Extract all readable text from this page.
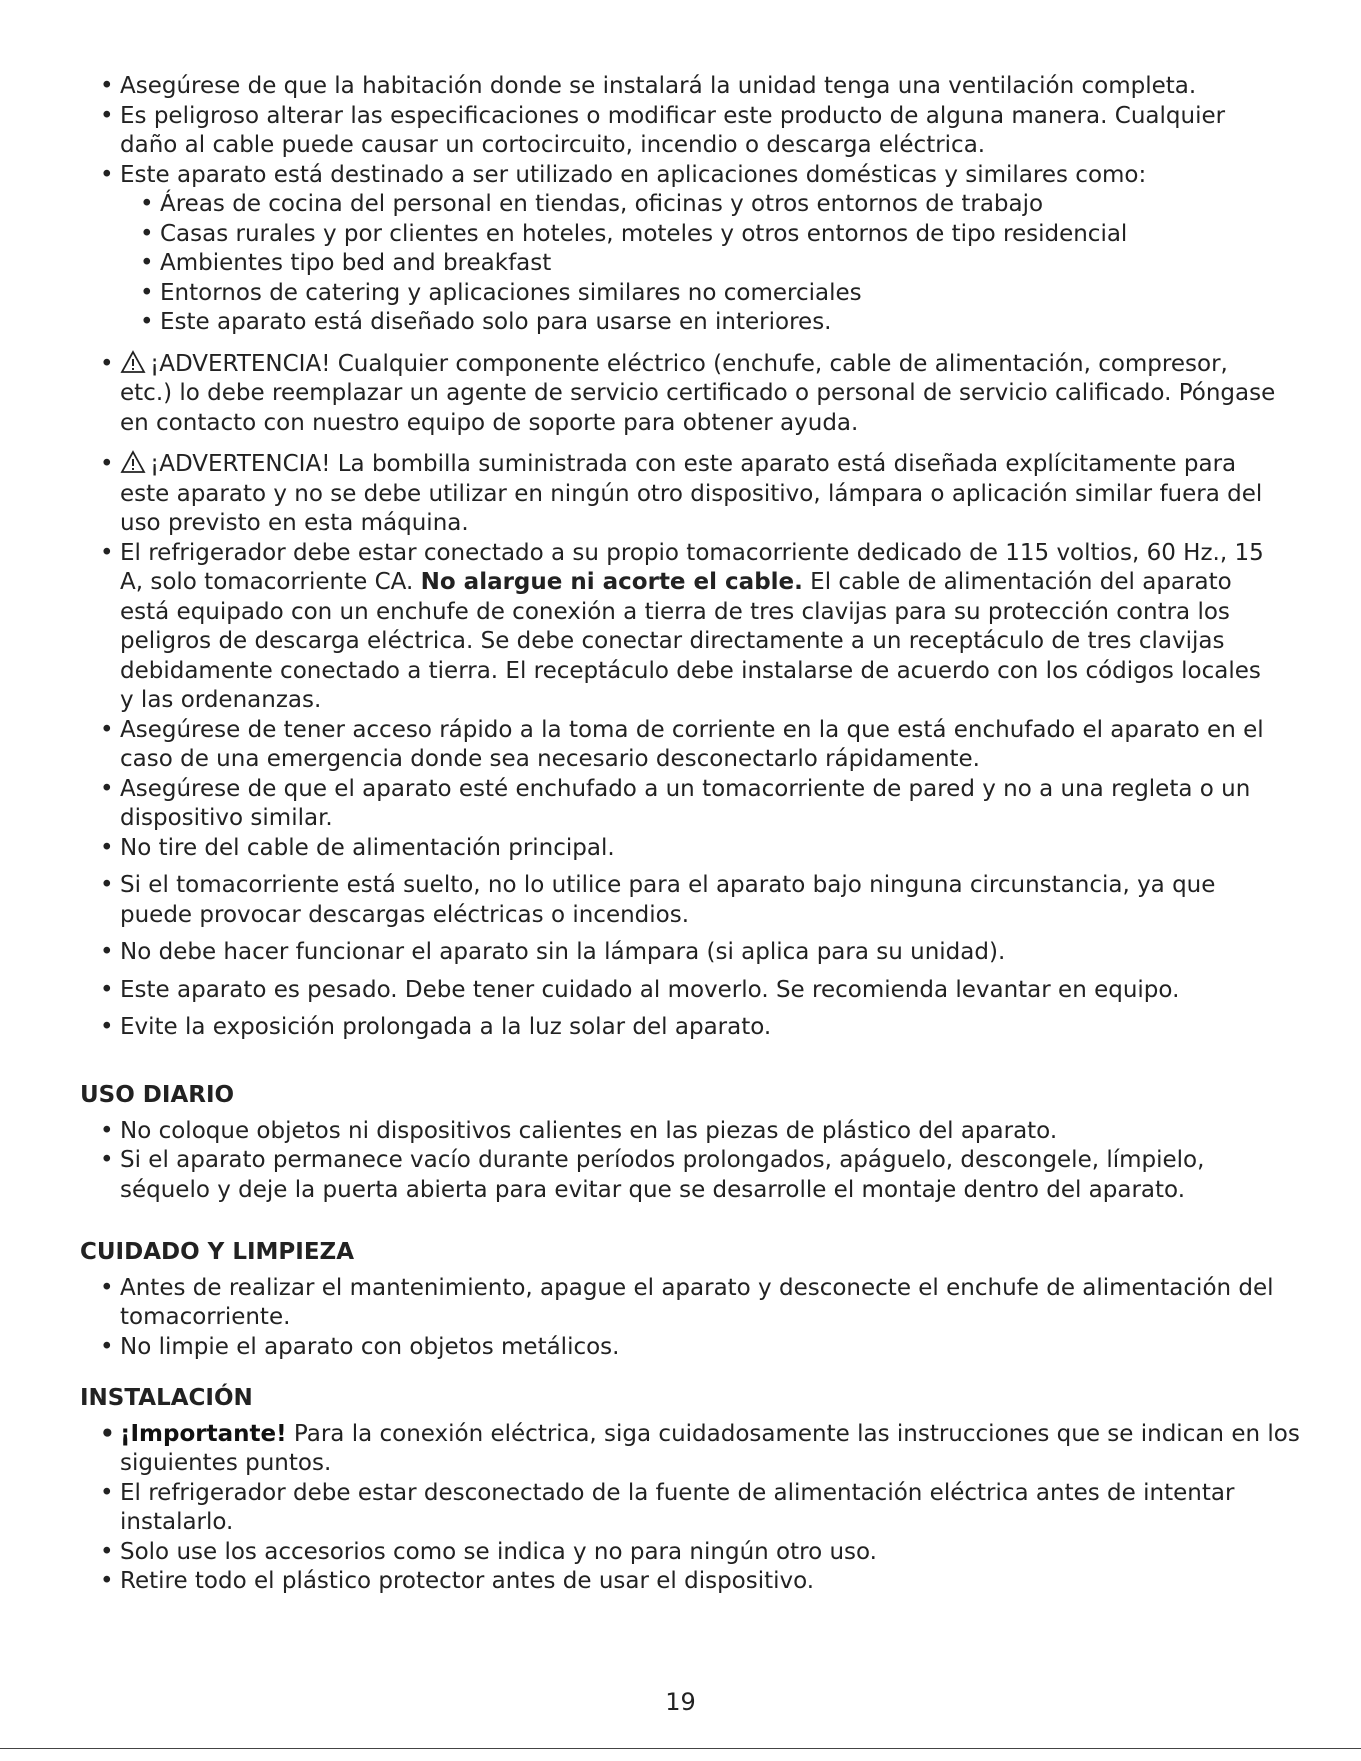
• Asegúrese de que la habitación donde se instalará la unidad tenga una ventilación completa.
• Es peligroso alterar las especificaciones o modificar este producto de alguna manera. Cualquier daño al cable puede causar un cortocircuito, incendio o descarga eléctrica.
• Este aparato está destinado a ser utilizado en aplicaciones domésticas y similares como:
• Áreas de cocina del personal en tiendas, oficinas y otros entornos de trabajo
• Casas rurales y por clientes en hoteles, moteles y otros entornos de tipo residencial
• Ambientes tipo bed and breakfast
• Entornos de catering y aplicaciones similares no comerciales
• Este aparato está diseñado solo para usarse en interiores.
• ¡ADVERTENCIA! Cualquier componente eléctrico (enchufe, cable de alimentación, compresor, etc.) lo debe reemplazar un agente de servicio certificado o personal de servicio calificado. Póngase en contacto con nuestro equipo de soporte para obtener ayuda.
• ¡ADVERTENCIA! La bombilla suministrada con este aparato está diseñada explícitamente para este aparato y no se debe utilizar en ningún otro dispositivo, lámpara o aplicación similar fuera del uso previsto en esta máquina.
• El refrigerador debe estar conectado a su propio tomacorriente dedicado de 115 voltios, 60 Hz., 15 A, solo tomacorriente CA. No alargue ni acorte el cable. El cable de alimentación del aparato está equipado con un enchufe de conexión a tierra de tres clavijas para su protección contra los peligros de descarga eléctrica. Se debe conectar directamente a un receptáculo de tres clavijas debidamente conectado a tierra. El receptáculo debe instalarse de acuerdo con los códigos locales y las ordenanzas.
• Asegúrese de tener acceso rápido a la toma de corriente en la que está enchufado el aparato en el caso de una emergencia donde sea necesario desconectarlo rápidamente.
• Asegúrese de que el aparato esté enchufado a un tomacorriente de pared y no a una regleta o un dispositivo similar.
• No tire del cable de alimentación principal.
• Si el tomacorriente está suelto, no lo utilice para el aparato bajo ninguna circunstancia, ya que puede provocar descargas eléctricas o incendios.
• No debe hacer funcionar el aparato sin la lámpara (si aplica para su unidad).
• Este aparato es pesado. Debe tener cuidado al moverlo. Se recomienda levantar en equipo.
• Evite la exposición prolongada a la luz solar del aparato.
USO DIARIO
• No coloque objetos ni dispositivos calientes en las piezas de plástico del aparato.
• Si el aparato permanece vacío durante períodos prolongados, apáguelo, descongele, límpielo, séquelo y deje la puerta abierta para evitar que se desarrolle el montaje dentro del aparato.
CUIDADO Y LIMPIEZA
• Antes de realizar el mantenimiento, apague el aparato y desconecte el enchufe de alimentación del tomacorriente.
• No limpie el aparato con objetos metálicos.
INSTALACIÓN
• ¡Importante! Para la conexión eléctrica, siga cuidadosamente las instrucciones que se indican en los siguientes puntos.
• El refrigerador debe estar desconectado de la fuente de alimentación eléctrica antes de intentar instalarlo.
• Solo use los accesorios como se indica y no para ningún otro uso.
• Retire todo el plástico protector antes de usar el dispositivo.
19
